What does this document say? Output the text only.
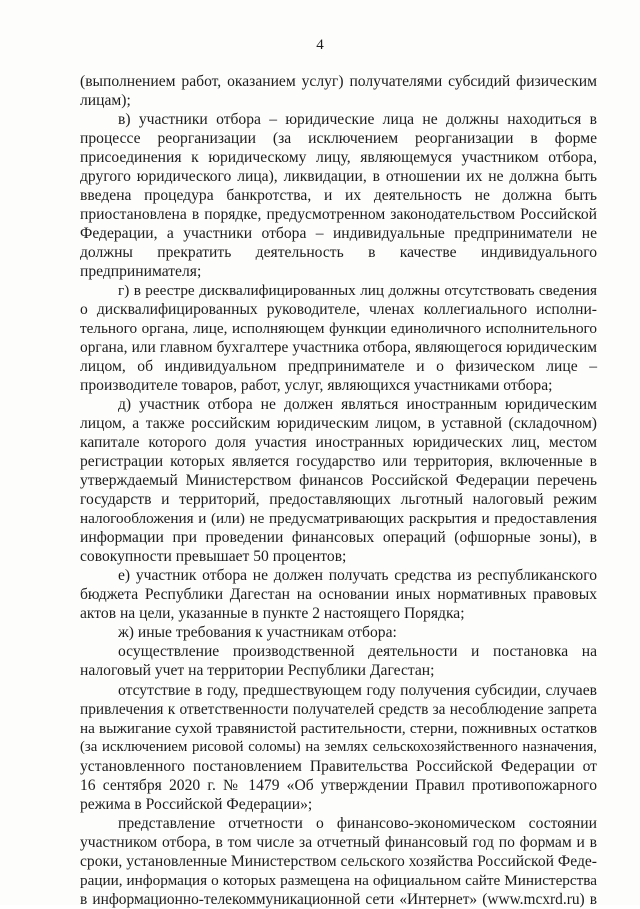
4
(выполнением работ, оказанием услуг) получателями субсидий физическим
лицам);
в) участники отбора – юридические лица не должны находиться в
процессе реорганизации (за исключением реорганизации в форме
присоединения к юридическому лицу, являющемуся участником отбора,
другого юридического лица), ликвидации, в отношении их не должна быть
введена процедура банкротства, и их деятельность не должна быть
приостановлена в порядке, предусмотренном законодательством Российской
Федерации, а участники отбора – индивидуальные предприниматели не
должны прекратить деятельность в качестве индивидуального
предпринимателя;
г) в реестре дисквалифицированных лиц должны отсутствовать сведения
о дисквалифицированных руководителе, членах коллегиального исполни-
тельного органа, лице, исполняющем функции единоличного исполнительного
органа, или главном бухгалтере участника отбора, являющегося юридическим
лицом, об индивидуальном предпринимателе и о физическом лице –
производителе товаров, работ, услуг, являющихся участниками отбора;
д) участник отбора не должен являться иностранным юридическим
лицом, а также российским юридическим лицом, в уставной (складочном)
капитале которого доля участия иностранных юридических лиц, местом
регистрации которых является государство или территория, включенные в
утверждаемый Министерством финансов Российской Федерации перечень
государств и территорий, предоставляющих льготный налоговый режим
налогообложения и (или) не предусматривающих раскрытия и предоставления
информации при проведении финансовых операций (офшорные зоны), в
совокупности превышает 50 процентов;
е) участник отбора не должен получать средства из республиканского
бюджета Республики Дагестан на основании иных нормативных правовых
актов на цели, указанные в пункте 2 настоящего Порядка;
ж) иные требования к участникам отбора:
осуществление производственной деятельности и постановка на
налоговый учет на территории Республики Дагестан;
отсутствие в году, предшествующем году получения субсидии, случаев
привлечения к ответственности получателей средств за несоблюдение запрета
на выжигание сухой травянистой растительности, стерни, пожнивных остатков
(за исключением рисовой соломы) на землях сельскохозяйственного назначения,
установленного постановлением Правительства Российской Федерации от
16 сентября 2020 г. № 1479 «Об утверждении Правил противопожарного
режима в Российской Федерации»;
представление отчетности о финансово-экономическом состоянии
участником отбора, в том числе за отчетный финансовый год по формам и в
сроки, установленные Министерством сельского хозяйства Российской Феде-
рации, информация о которых размещена на официальном сайте Министерства
в информационно-телекоммуникационной сети «Интернет» (www.mcxrd.ru) в
